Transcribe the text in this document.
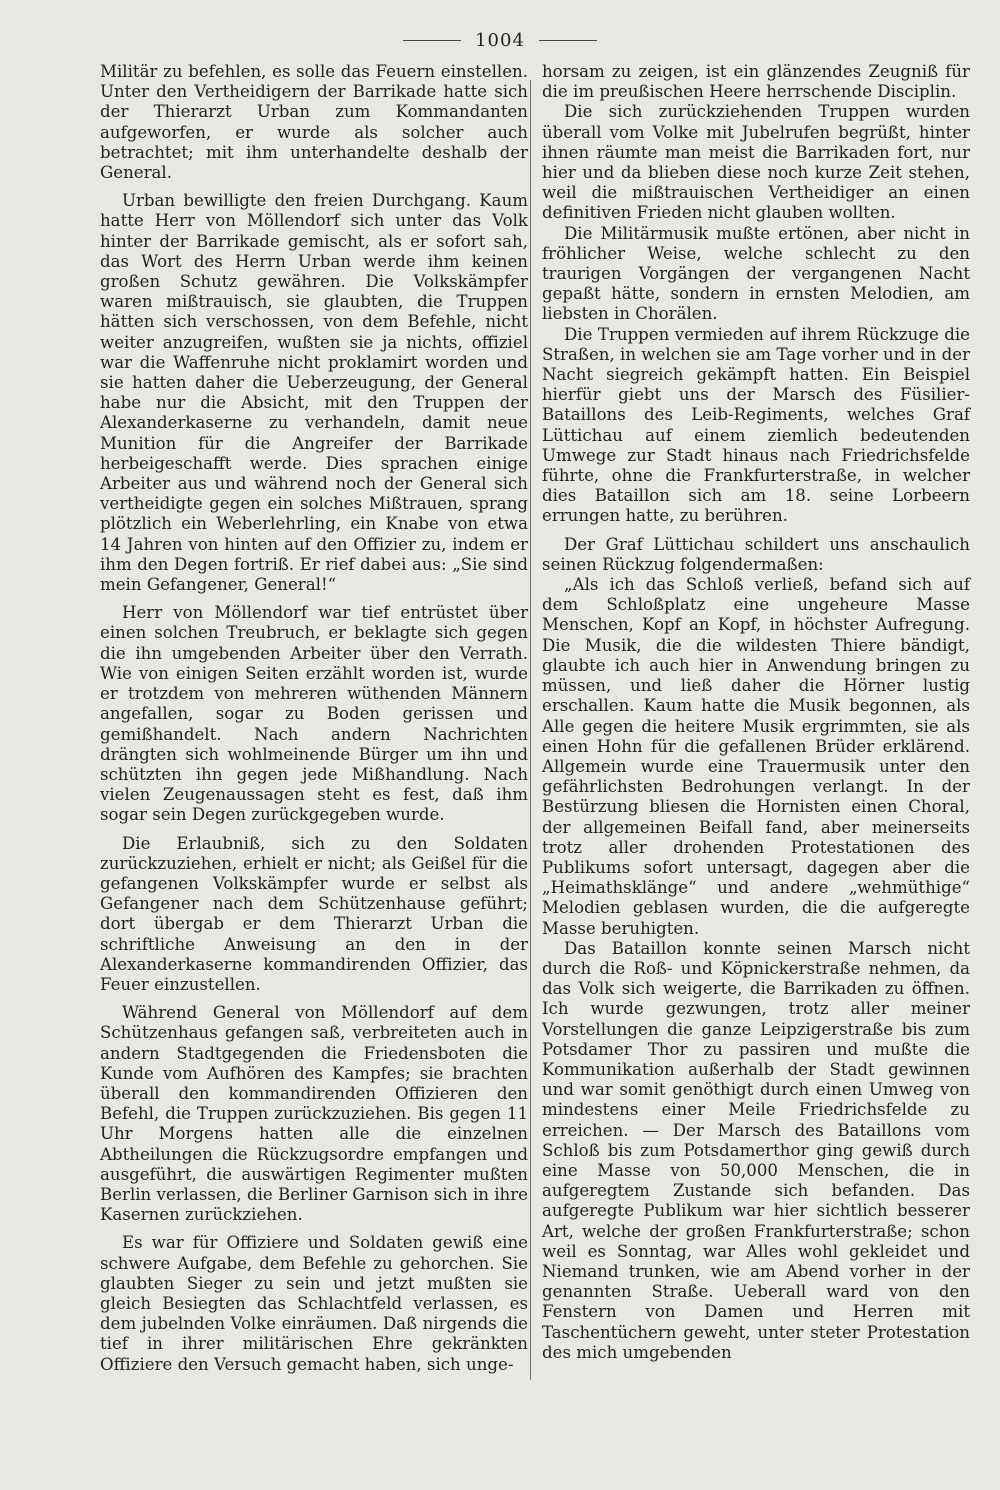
1004

Militär zu befehlen, es solle das Feuern einstellen. Unter den Vertheidigern der Barrikade hatte sich der Thierarzt Urban zum Kommandanten aufgeworfen, er wurde als solcher auch betrachtet; mit ihm unterhandelte deshalb der General.

Urban bewilligte den freien Durchgang. Kaum hatte Herr von Möllendorf sich unter das Volk hinter der Barrikade gemischt, als er sofort sah, das Wort des Herrn Urban werde ihm keinen großen Schutz gewähren. Die Volkskämpfer waren mißtrauisch, sie glaubten, die Truppen hätten sich verschossen, von dem Befehle, nicht weiter anzugreifen, wußten sie ja nichts, offiziel war die Waffenruhe nicht proklamirt worden und sie hatten daher die Ueberzeugung, der General habe nur die Absicht, mit den Truppen der Alexanderkaserne zu verhandeln, damit neue Munition für die Angreifer der Barrikade herbeigeschafft werde. Dies sprachen einige Arbeiter aus und während noch der General sich vertheidigte gegen ein solches Mißtrauen, sprang plötzlich ein Weberlehrling, ein Knabe von etwa 14 Jahren von hinten auf den Offizier zu, indem er ihm den Degen fortriß. Er rief dabei aus: „Sie sind mein Gefangener, General!“

Herr von Möllendorf war tief entrüstet über einen solchen Treubruch, er beklagte sich gegen die ihn umgebenden Arbeiter über den Verrath. Wie von einigen Seiten erzählt worden ist, wurde er trotzdem von mehreren wüthenden Männern angefallen, sogar zu Boden gerissen und gemißhandelt. Nach andern Nachrichten drängten sich wohlmeinende Bürger um ihn und schützten ihn gegen jede Mißhandlung. Nach vielen Zeugenaussagen steht es fest, daß ihm sogar sein Degen zurückgegeben wurde.

Die Erlaubniß, sich zu den Soldaten zurückzuziehen, erhielt er nicht; als Geißel für die gefangenen Volkskämpfer wurde er selbst als Gefangener nach dem Schützenhause geführt; dort übergab er dem Thierarzt Urban die schriftliche Anweisung an den in der Alexanderkaserne kommandirenden Offizier, das Feuer einzustellen.

Während General von Möllendorf auf dem Schützenhaus gefangen saß, verbreiteten auch in andern Stadtgegenden die Friedensboten die Kunde vom Aufhören des Kampfes; sie brachten überall den kommandirenden Offizieren den Befehl, die Truppen zurückzuziehen. Bis gegen 11 Uhr Morgens hatten alle die einzelnen Abtheilungen die Rückzugsordre empfangen und ausgeführt, die auswärtigen Regimenter mußten Berlin verlassen, die Berliner Garnison sich in ihre Kasernen zurückziehen.

Es war für Offiziere und Soldaten gewiß eine schwere Aufgabe, dem Befehle zu gehorchen. Sie glaubten Sieger zu sein und jetzt mußten sie gleich Besiegten das Schlachtfeld verlassen, es dem jubelnden Volke einräumen. Daß nirgends die tief in ihrer militärischen Ehre gekränkten Offiziere den Versuch gemacht haben, sich unge-

horsam zu zeigen, ist ein glänzendes Zeugniß für die im preußischen Heere herrschende Disciplin.

Die sich zurückziehenden Truppen wurden überall vom Volke mit Jubelrufen begrüßt, hinter ihnen räumte man meist die Barrikaden fort, nur hier und da blieben diese noch kurze Zeit stehen, weil die mißtrauischen Vertheidiger an einen definitiven Frieden nicht glauben wollten.

Die Militärmusik mußte ertönen, aber nicht in fröhlicher Weise, welche schlecht zu den traurigen Vorgängen der vergangenen Nacht gepaßt hätte, sondern in ernsten Melodien, am liebsten in Chorälen.

Die Truppen vermieden auf ihrem Rückzuge die Straßen, in welchen sie am Tage vorher und in der Nacht siegreich gekämpft hatten. Ein Beispiel hierfür giebt uns der Marsch des Füsilier-Bataillons des Leib-Regiments, welches Graf Lüttichau auf einem ziemlich bedeutenden Umwege zur Stadt hinaus nach Friedrichsfelde führte, ohne die Frankfurterstraße, in welcher dies Bataillon sich am 18. seine Lorbeern errungen hatte, zu berühren.

Der Graf Lüttichau schildert uns anschaulich seinen Rückzug folgendermaßen:

„Als ich das Schloß verließ, befand sich auf dem Schloßplatz eine ungeheure Masse Menschen, Kopf an Kopf, in höchster Aufregung. Die Musik, die die wildesten Thiere bändigt, glaubte ich auch hier in Anwendung bringen zu müssen, und ließ daher die Hörner lustig erschallen. Kaum hatte die Musik begonnen, als Alle gegen die heitere Musik ergrimmten, sie als einen Hohn für die gefallenen Brüder erklärend. Allgemein wurde eine Trauermusik unter den gefährlichsten Bedrohungen verlangt. In der Bestürzung bliesen die Hornisten einen Choral, der allgemeinen Beifall fand, aber meinerseits trotz aller drohenden Protestationen des Publikums sofort untersagt, dagegen aber die „Heimathsklänge“ und andere „wehmüthige“ Melodien geblasen wurden, die die aufgeregte Masse beruhigten.

Das Bataillon konnte seinen Marsch nicht durch die Roß- und Köpnickerstraße nehmen, da das Volk sich weigerte, die Barrikaden zu öffnen. Ich wurde gezwungen, trotz aller meiner Vorstellungen die ganze Leipzigerstraße bis zum Potsdamer Thor zu passiren und mußte die Kommunikation außerhalb der Stadt gewinnen und war somit genöthigt durch einen Umweg von mindestens einer Meile Friedrichsfelde zu erreichen. — Der Marsch des Bataillons vom Schloß bis zum Potsdamerthor ging gewiß durch eine Masse von 50,000 Menschen, die in aufgeregtem Zustande sich befanden. Das aufgeregte Publikum war hier sichtlich besserer Art, welche der großen Frankfurterstraße; schon weil es Sonntag, war Alles wohl gekleidet und Niemand trunken, wie am Abend vorher in der genannten Straße. Ueberall ward von den Fenstern von Damen und Herren mit Taschentüchern geweht, unter steter Protestation des mich umgebenden
